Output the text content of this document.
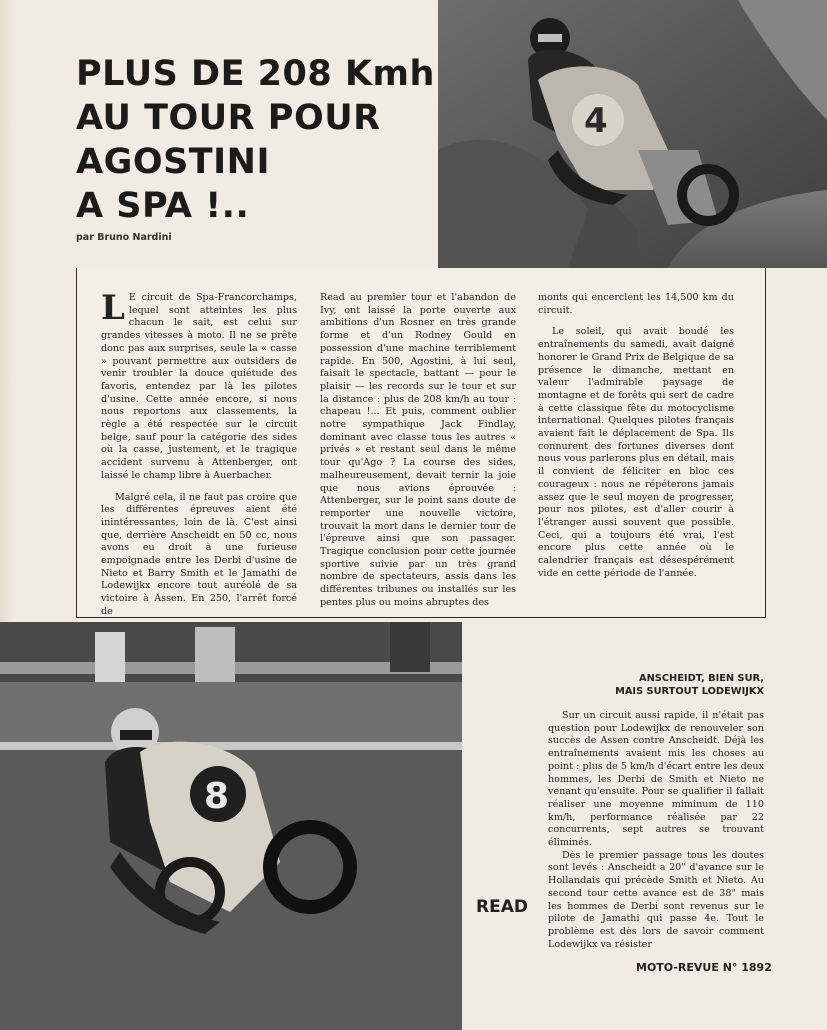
PLUS DE 208 Kmh
AU TOUR POUR
AGOSTINI
A SPA !..
par Bruno Nardini
4

L E circuit de Spa-Francorchamps, lequel sont atteintes les plus chacun le sait, est celui sur grandes vitesses à moto. Il ne se prête donc pas aux surprises, seule la « casse » pouvant permettre aux outsiders de venir troubler la douce quiétude des favoris, entendez par là les pilotes d'usine. Cette année encore, si nous nous reportons aux classements, la règle a été respectée sur le circuit belge, sauf pour la catégorie des sides où la casse, justement, et le tragique accident survenu à Attenberger, ont laissé le champ libre à Auerbacher.

Malgré cela, il ne faut pas croire que les différentes épreuves aient été inintéressantes, loin de là. C'est ainsi que, derrière Anscheidt en 50 cc, nous avons eu droit à une furieuse empoignade entre les Derbi d'usine de Nieto et Barry Smith et le Jamathi de Lodewijkx encore tout auréolé de sa victoire à Assen. En 250, l'arrêt forcé de

Read au premier tour et l'abandon de Ivy, ont laissé la porte ouverte aux ambitions d'un Rosner en très grande forme et d'un Rodney Gould en possession d'une machine terriblement rapide. En 500, Agostini, à lui seul, faisait le spectacle, battant — pour le plaisir — les records sur le tour et sur la distance : plus de 208 km/h au tour : chapeau !... Et puis, comment oublier notre sympathique Jack Findlay, dominant avec classe tous les autres « privés » et restant seul dans le même tour qu'Ago ? La course des sides, malheureusement, devait ternir la joie que nous avions éprouvée : Attenberger, sur le point sans doute de remporter une nouvelle victoire, trouvait la mort dans le dernier tour de l'épreuve ainsi que son passager. Tragique conclusion pour cette journée sportive suivie par un très grand nombre de spectateurs, assis dans les différentes tribunes ou installés sur les pentes plus ou moins abruptes des

monts qui encerclent les 14,500 km du circuit.

Le soleil, qui avait boudé les entraînements du samedi, avait daigné honorer le Grand Prix de Belgique de sa présence le dimanche, mettant en valeur l'admirable paysage de montagne et de forêts qui sert de cadre à cette classique fête du motocyclisme international. Quelques pilotes français avaient fait le déplacement de Spa. Ils connurent des fortunes diverses dont nous vous parlerons plus en détail, mais il convient de féliciter en bloc ces courageux : nous ne répéterons jamais assez que le seul moyen de progresser, pour nos pilotes, est d'aller courir à l'étranger aussi souvent que possible. Ceci, qui a toujours été vrai, l'est encore plus cette année où le calendrier français est désespérément vide en cette période de l'année.

8
ANSCHEIDT, BIEN SUR,
MAIS SURTOUT LODEWIJKX

Sur un circuit aussi rapide, il n'était pas question pour Lodewijkx de renouveler son succès de Assen contre Anscheidt. Déjà les entraînements avaient mis les choses au point : plus de 5 km/h d'écart entre les deux hommes, les Derbi de Smith et Nieto ne venant qu'ensuite. Pour se qualifier il fallait réaliser une moyenne miminum de 110 km/h, performance réalisée par 22 concurrents, sept autres se trouvant éliminés.

Dès le premier passage tous les doutes sont levés : Anscheidt a 20" d'avance sur le Hollandais qui précède Smith et Nieto. Au second tour cette avance est de 38" mais les hommes de Derbi sont revenus sur le pilote de Jamathi qui passe 4e. Tout le problème est dès lors de savoir comment Lodewijkx va résister

READ
MOTO-REVUE N° 1892
